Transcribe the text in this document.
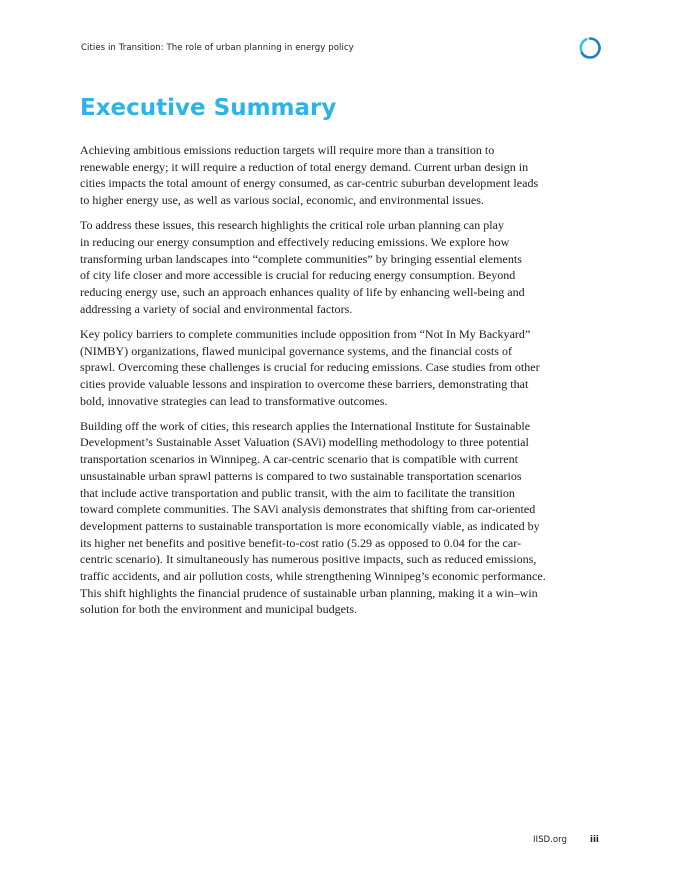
Cities in Transition: The role of urban planning in energy policy
Executive Summary

Achieving ambitious emissions reduction targets will require more than a transition to
renewable energy; it will require a reduction of total energy demand. Current urban design in
cities impacts the total amount of energy consumed, as car-centric suburban development leads
to higher energy use, as well as various social, economic, and environmental issues.

To address these issues, this research highlights the critical role urban planning can play
in reducing our energy consumption and effectively reducing emissions. We explore how
transforming urban landscapes into “complete communities” by bringing essential elements
of city life closer and more accessible is crucial for reducing energy consumption. Beyond
reducing energy use, such an approach enhances quality of life by enhancing well-being and
addressing a variety of social and environmental factors.

Key policy barriers to complete communities include opposition from “Not In My Backyard”
(NIMBY) organizations, flawed municipal governance systems, and the financial costs of
sprawl. Overcoming these challenges is crucial for reducing emissions. Case studies from other
cities provide valuable lessons and inspiration to overcome these barriers, demonstrating that
bold, innovative strategies can lead to transformative outcomes.

Building off the work of cities, this research applies the International Institute for Sustainable
Development’s Sustainable Asset Valuation (SAVi) modelling methodology to three potential
transportation scenarios in Winnipeg. A car-centric scenario that is compatible with current
unsustainable urban sprawl patterns is compared to two sustainable transportation scenarios
that include active transportation and public transit, with the aim to facilitate the transition
toward complete communities. The SAVi analysis demonstrates that shifting from car-oriented
development patterns to sustainable transportation is more economically viable, as indicated by
its higher net benefits and positive benefit-to-cost ratio (5.29 as opposed to 0.04 for the car-
centric scenario). It simultaneously has numerous positive impacts, such as reduced emissions,
traffic accidents, and air pollution costs, while strengthening Winnipeg’s economic performance.
This shift highlights the financial prudence of sustainable urban planning, making it a win–win
solution for both the environment and municipal budgets.

IISD.org	iii
